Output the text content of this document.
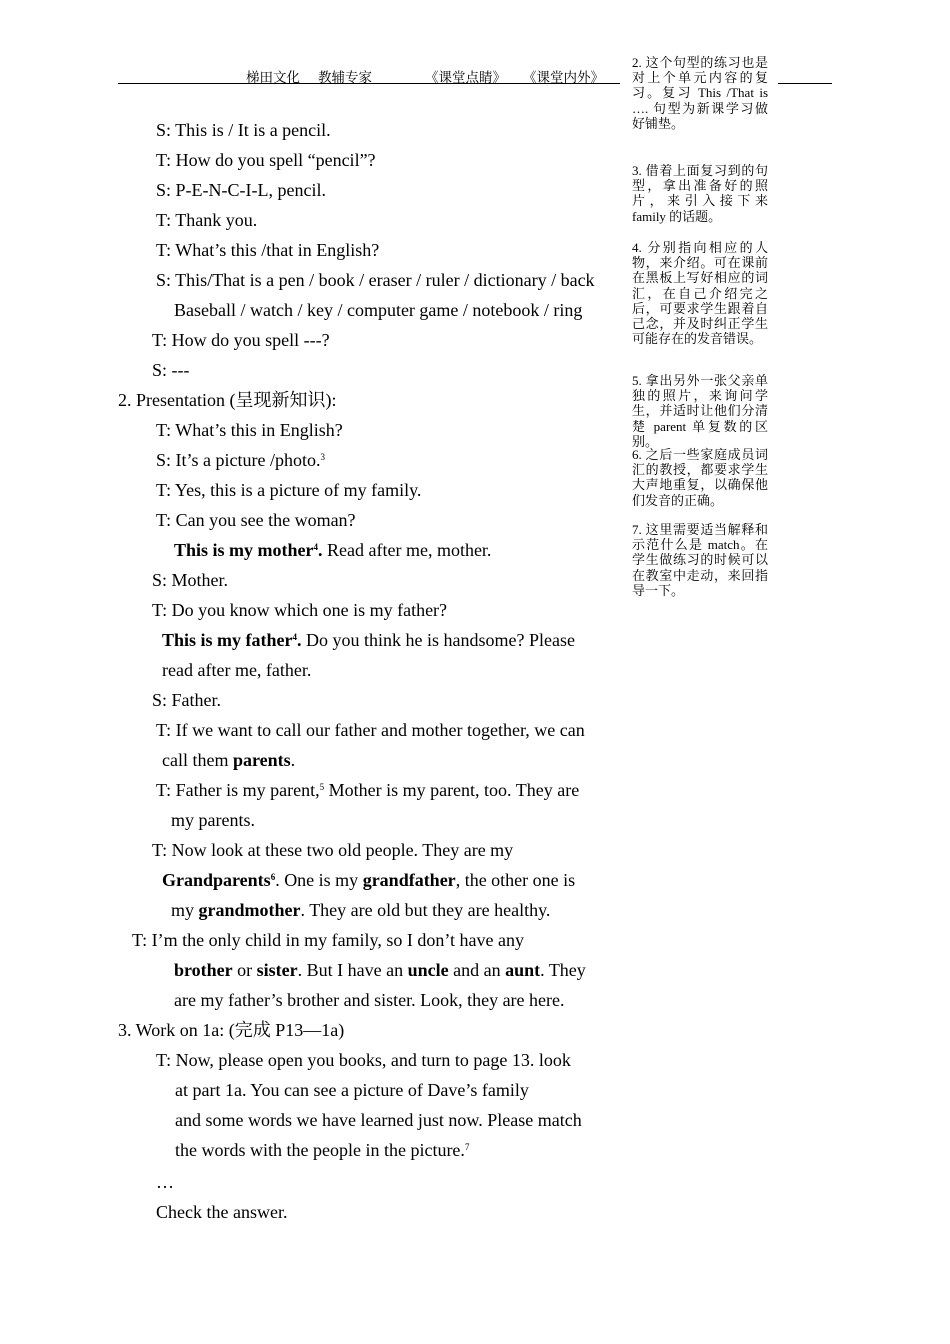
梯田文化 教辅专家	《课堂点睛》 《课堂内外》
S: This is / It is a pencil.
T: How do you spell “pencil”?
S: P-E-N-C-I-L, pencil.
T: Thank you.
T: What’s this /that in English?
S: This/That is a pen / book / eraser / ruler / dictionary / back
Baseball / watch / key / computer game / notebook / ring
T: How do you spell ---?
S: ---
2. Presentation (呈现新知识):
T: What’s this in English?
S: It’s a picture /photo.$^3$
T: Yes, this is a picture of my family.
T: Can you see the woman?
This is my mother$^4$. Read after me, mother.
S: Mother.
T: Do you know which one is my father?
This is my father$^4$. Do you think he is handsome? Please
read after me, father.
S: Father.
T: If we want to call our father and mother together, we can
call them parents.
T: Father is my parent,$^5$ Mother is my parent, too. They are
my parents.
T: Now look at these two old people. They are my
Grandparents$^6$. One is my grandfather, the other one is
my grandmother. They are old but they are healthy.
T: I’m the only child in my family, so I don’t have any
brother or sister. But I have an uncle and an aunt. They
are my father’s brother and sister. Look, they are here.
3. Work on 1a: (完成 P13—1a)
T: Now, please open you books, and turn to page 13. look
at part 1a. You can see a picture of Dave’s family
and some words we have learned just now. Please match
the words with the people in the picture.$^7$
…
Check the answer.
2. 这个句型的练习也是对上个单元内容的复习。复习 This /That is …. 句型为新课学习做好铺垫。
3. 借着上面复习到的句型，拿出准备好的照片，来引入接下来 family 的话题。
4. 分别指向相应的人物，来介绍。可在课前在黑板上写好相应的词汇，在自己介绍完之后，可要求学生跟着自己念，并及时纠正学生可能存在的发音错误。
5. 拿出另外一张父亲单独的照片，来询问学生，并适时让他们分清楚 parent 单复数的区别。
6. 之后一些家庭成员词汇的教授，都要求学生大声地重复，以确保他们发音的正确。
7. 这里需要适当解释和示范什么是 match。在学生做练习的时候可以在教室中走动，来回指导一下。
